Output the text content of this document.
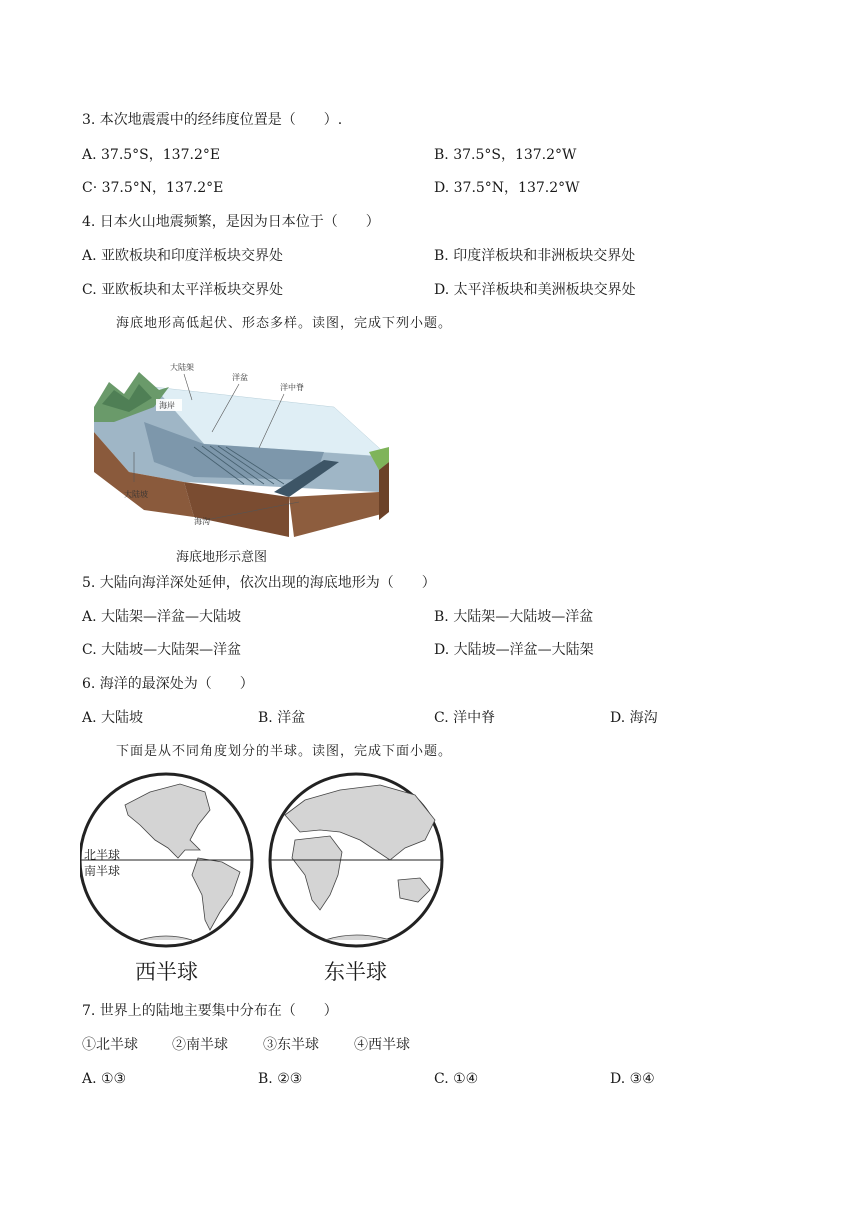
3. 本次地震震中的经纬度位置是（　　）.
A. 37.5°S，137.2°E	B. 37.5°S，137.2°W
C· 37.5°N，137.2°E	D. 37.5°N，137.2°W
4. 日本火山地震频繁，是因为日本位于（　　）
A. 亚欧板块和印度洋板块交界处	B. 印度洋板块和非洲板块交界处
C. 亚欧板块和太平洋板块交界处	D. 太平洋板块和美洲板块交界处
海底地形高低起伏、形态多样。读图，完成下列小题。
大陆架
海岸
洋盆
洋中脊
大陆坡
海沟
海底地形示意图
5. 大陆向海洋深处延伸，依次出现的海底地形为（　　）
A. 大陆架—洋盆—大陆坡	B. 大陆架—大陆坡—洋盆
C. 大陆坡—大陆架—洋盆	D. 大陆坡—洋盆—大陆架
6. 海洋的最深处为（　　）
A. 大陆坡	B. 洋盆	C. 洋中脊	D. 海沟
下面是从不同角度划分的半球。读图，完成下面小题。
北半球
南半球
西半球	东半球
7. 世界上的陆地主要集中分布在（　　）
①北半球 ②南半球	③东半球	④西半球
A. ①③	B. ②③	C. ①④	D. ③④
